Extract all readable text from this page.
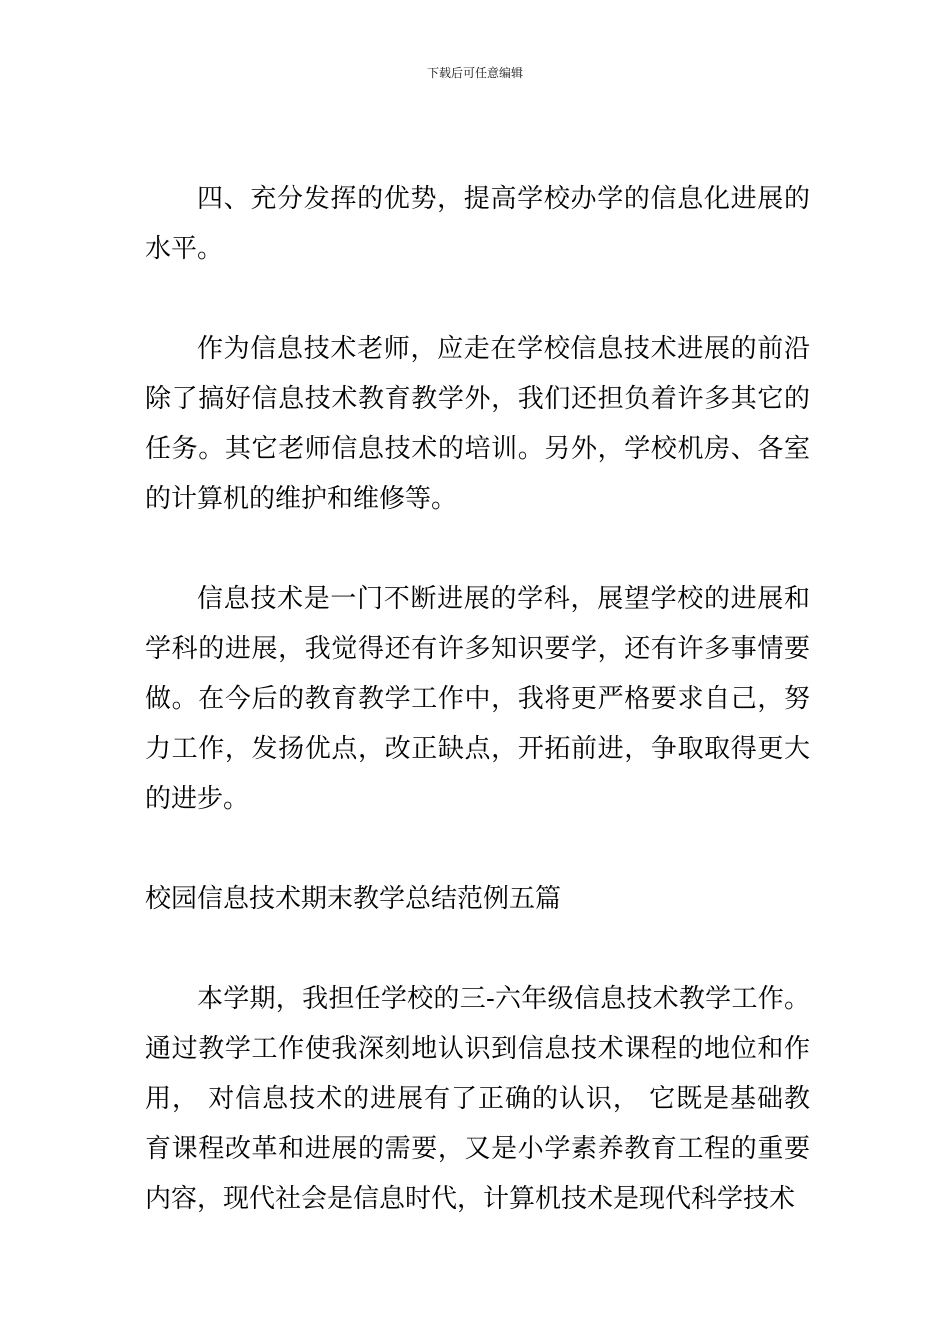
下载后可任意编辑

四、充分发挥的优势，提高学校办学的信息化进展的水平。

作为信息技术老师，应走在学校信息技术进展的前沿除了搞好信息技术教育教学外，我们还担负着许多其它的任务。其它老师信息技术的培训。另外，学校机房、各室的计算机的维护和维修等。

信息技术是一门不断进展的学科，展望学校的进展和学科的进展，我觉得还有许多知识要学，还有许多事情要做。在今后的教育教学工作中，我将更严格要求自己，努力工作，发扬优点，改正缺点，开拓前进，争取取得更大的进步。

校园信息技术期末教学总结范例五篇

本学期，我担任学校的三-六年级信息技术教学工作。通过教学工作使我深刻地认识到信息技术课程的地位和作用， 对信息技术的进展有了正确的认识， 它既是基础教育课程改革和进展的需要，又是小学素养教育工程的重要内容，现代社会是信息时代，计算机技术是现代科学技术
